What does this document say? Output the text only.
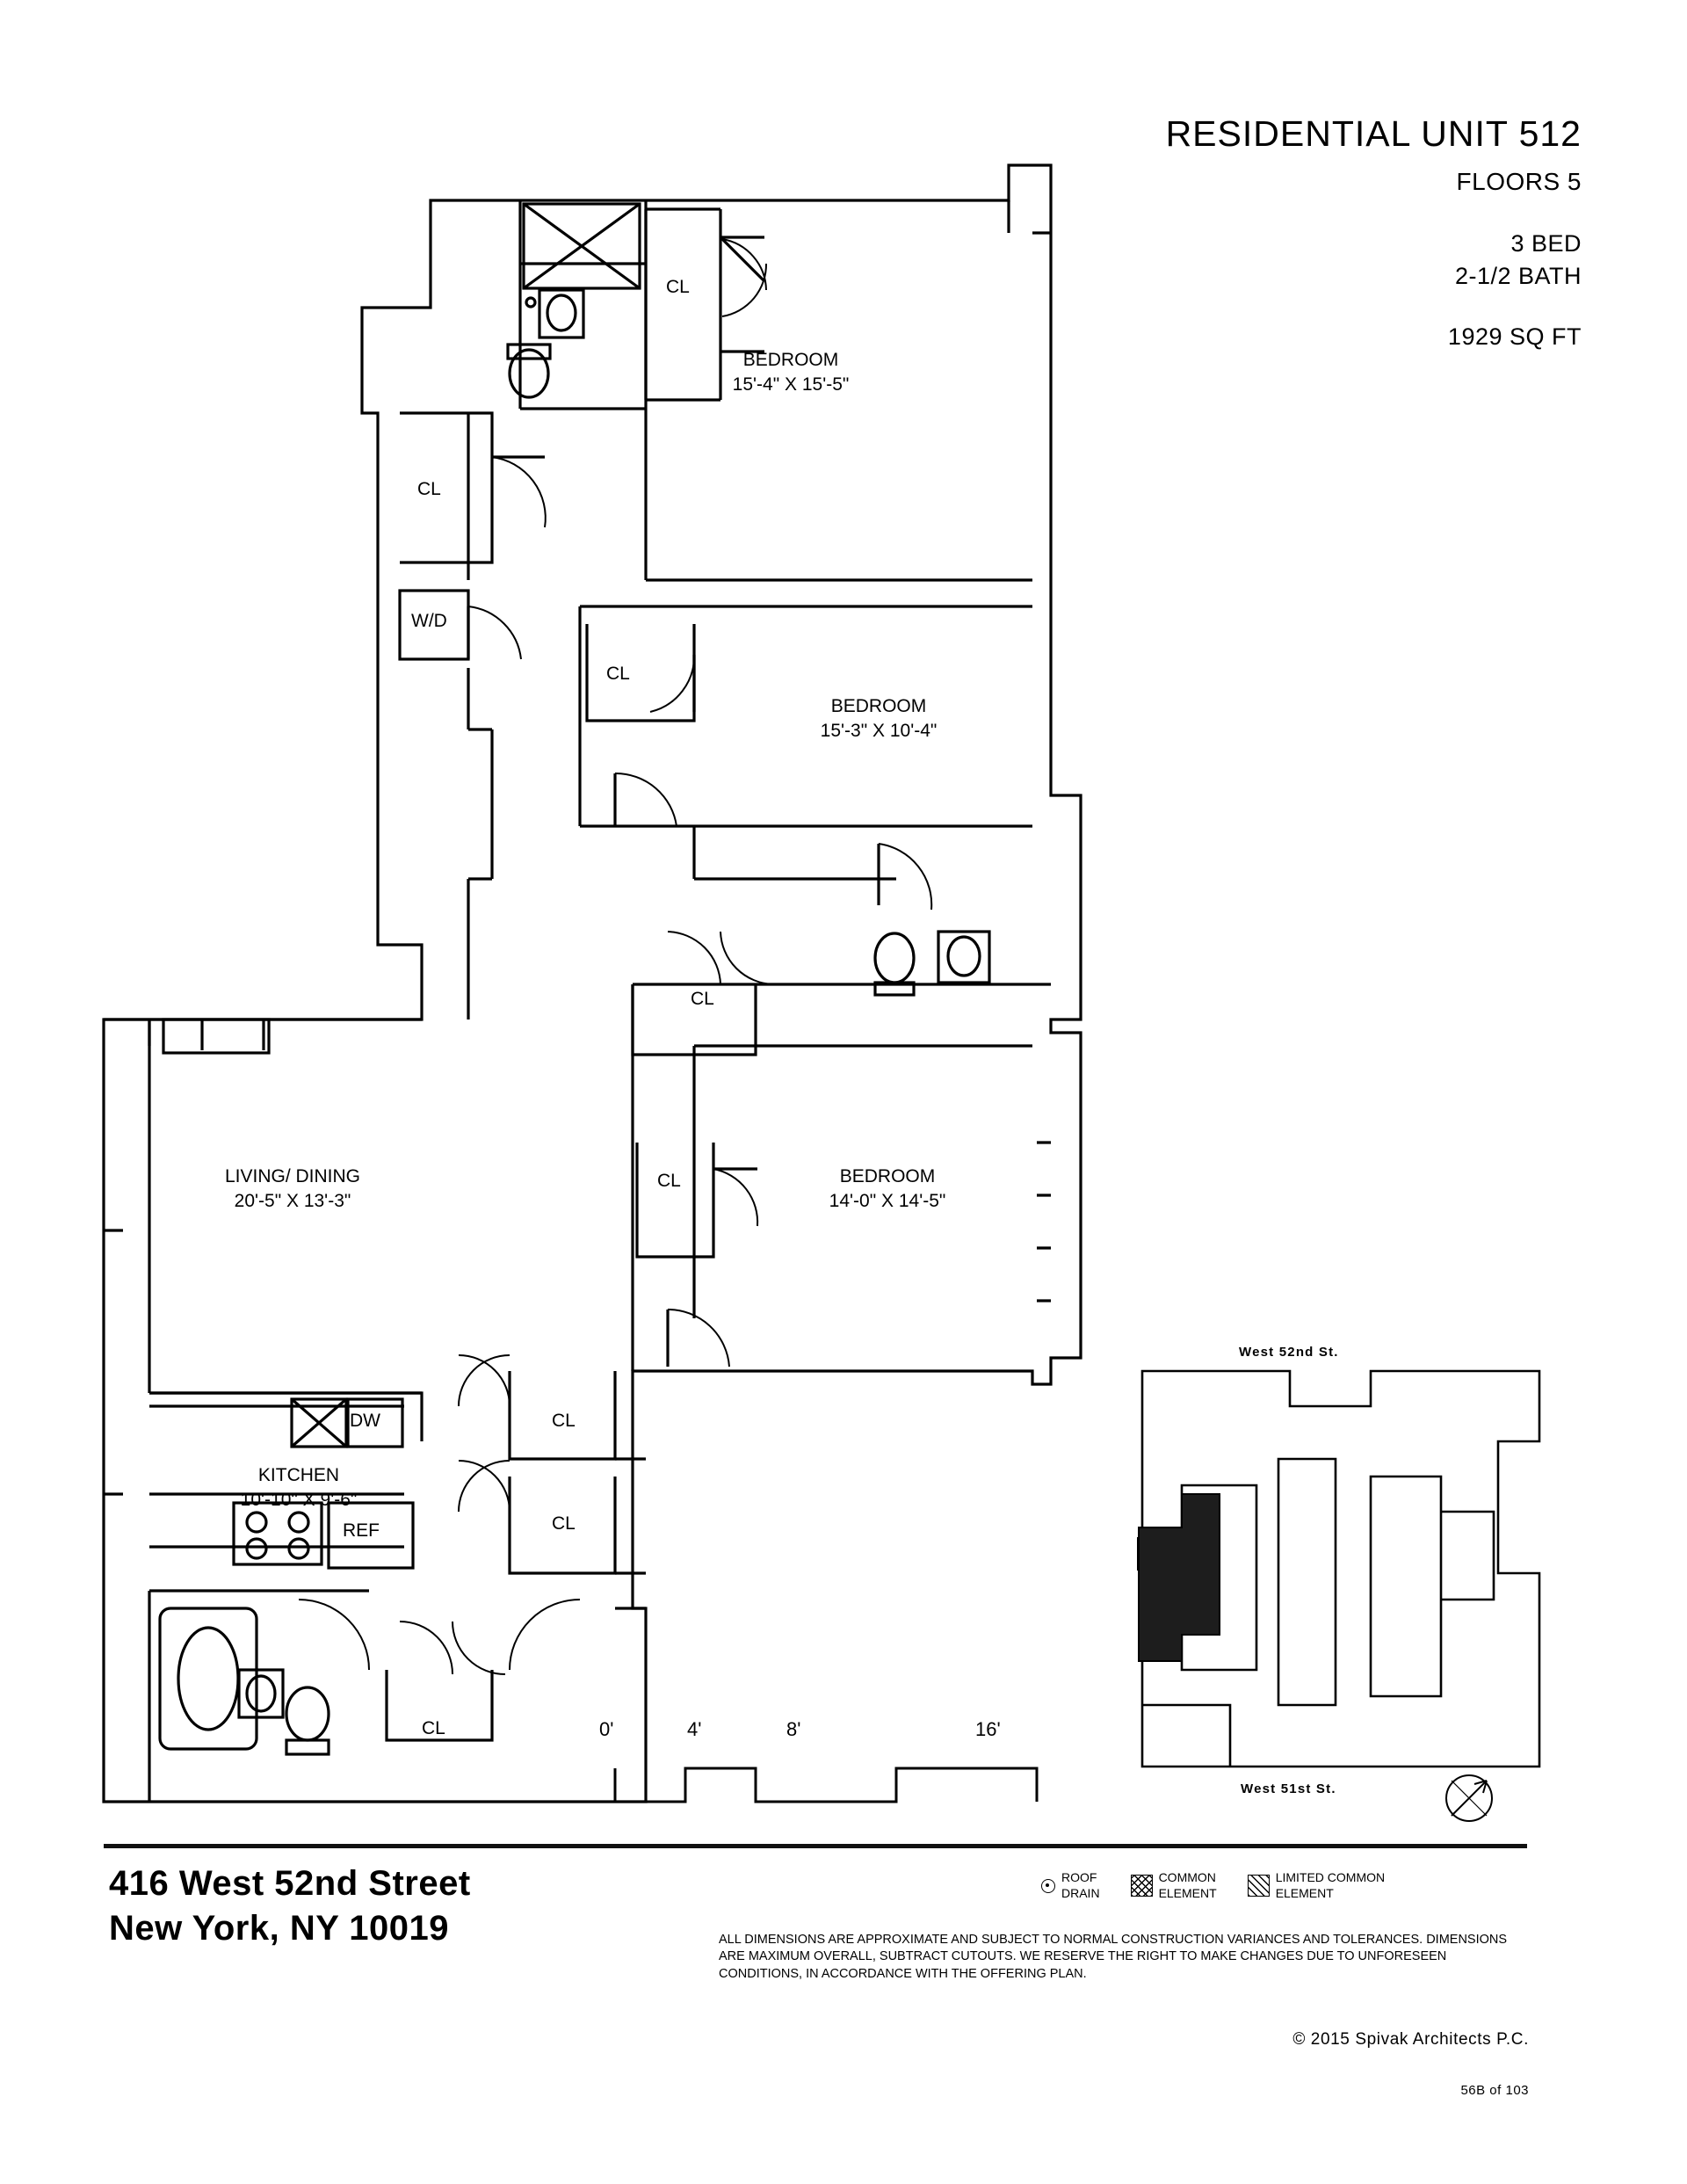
RESIDENTIAL UNIT 512
FLOORS 5
3 BED
2-1/2 BATH
1929 SQ FT
BEDROOM
15'-4" X 15'-5"
BEDROOM
15'-3" X 10'-4"
BEDROOM
14'-0" X 14'-5"
LIVING/ DINING
20'-5" X 13'-3"
KITCHEN
10'-10" X 9'-6"
CL
CL
CL
CL
CL
CL
CL
CL
W/D
DW
REF
0'	4'	8'	16'
West 52nd St.
West 51st St.
416 West 52nd Street
New York, NY 10019
ROOF
DRAIN
COMMON
ELEMENT
LIMITED COMMON
ELEMENT
ALL DIMENSIONS ARE APPROXIMATE AND SUBJECT TO NORMAL CONSTRUCTION VARIANCES AND TOLERANCES. DIMENSIONS ARE MAXIMUM OVERALL, SUBTRACT CUTOUTS. WE RESERVE THE RIGHT TO MAKE CHANGES DUE TO UNFORESEEN CONDITIONS, IN ACCORDANCE WITH THE OFFERING PLAN.
© 2015 Spivak Architects P.C.
56B of 103
